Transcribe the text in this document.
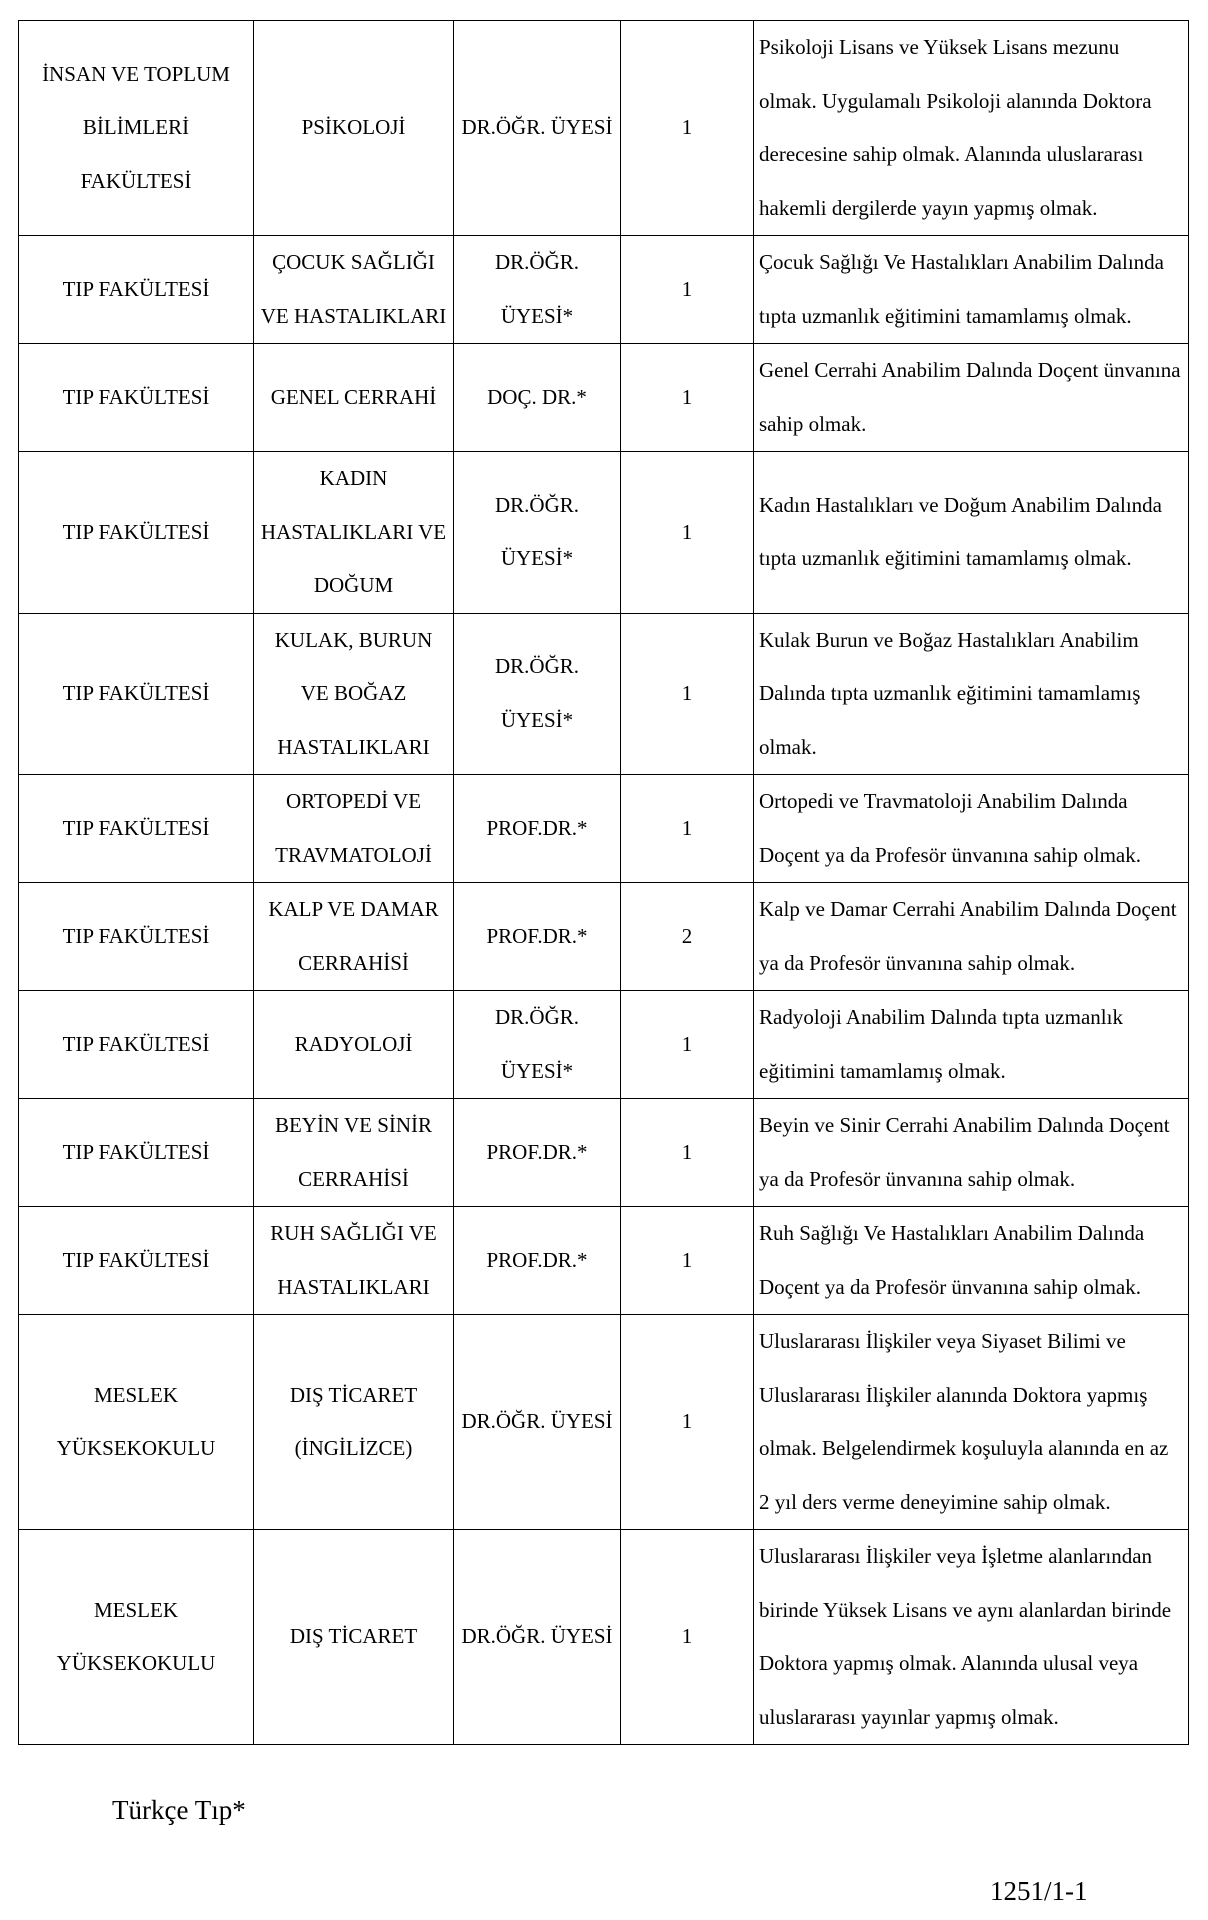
İNSAN VE TOPLUM BİLİMLERİ FAKÜLTESİ	PSİKOLOJİ	DR.ÖĞR. ÜYESİ	1	Psikoloji Lisans ve Yüksek Lisans mezunu olmak. Uygulamalı Psikoloji alanında Doktora derecesine sahip olmak. Alanında uluslararası hakemli dergilerde yayın yapmış olmak.
TIP FAKÜLTESİ	ÇOCUK SAĞLIĞI VE HASTALIKLARI	DR.ÖĞR. ÜYESİ*	1	Çocuk Sağlığı Ve Hastalıkları Anabilim Dalında tıpta uzmanlık eğitimini tamamlamış olmak.
TIP FAKÜLTESİ	GENEL CERRAHİ	DOÇ. DR.*	1	Genel Cerrahi Anabilim Dalında Doçent ünvanına sahip olmak.
TIP FAKÜLTESİ	KADIN HASTALIKLARI VE DOĞUM	DR.ÖĞR. ÜYESİ*	1	Kadın Hastalıkları ve Doğum Anabilim Dalında tıpta uzmanlık eğitimini tamamlamış olmak.
TIP FAKÜLTESİ	KULAK, BURUN VE BOĞAZ HASTALIKLARI	DR.ÖĞR. ÜYESİ*	1	Kulak Burun ve Boğaz Hastalıkları Anabilim Dalında tıpta uzmanlık eğitimini tamamlamış olmak.
TIP FAKÜLTESİ	ORTOPEDİ VE TRAVMATOLOJİ	PROF.DR.*	1	Ortopedi ve Travmatoloji Anabilim Dalında Doçent ya da Profesör ünvanına sahip olmak.
TIP FAKÜLTESİ	KALP VE DAMAR CERRAHİSİ	PROF.DR.*	2	Kalp ve Damar Cerrahi Anabilim Dalında Doçent ya da Profesör ünvanına sahip olmak.
TIP FAKÜLTESİ	RADYOLOJİ	DR.ÖĞR. ÜYESİ*	1	Radyoloji Anabilim Dalında tıpta uzmanlık eğitimini tamamlamış olmak.
TIP FAKÜLTESİ	BEYİN VE SİNİR CERRAHİSİ	PROF.DR.*	1	Beyin ve Sinir Cerrahi Anabilim Dalında Doçent ya da Profesör ünvanına sahip olmak.
TIP FAKÜLTESİ	RUH SAĞLIĞI VE HASTALIKLARI	PROF.DR.*	1	Ruh Sağlığı Ve Hastalıkları Anabilim Dalında Doçent ya da Profesör ünvanına sahip olmak.
MESLEK YÜKSEKOKULU	DIŞ TİCARET (İNGİLİZCE)	DR.ÖĞR. ÜYESİ	1	Uluslararası İlişkiler veya Siyaset Bilimi ve Uluslararası İlişkiler alanında Doktora yapmış olmak. Belgelendirmek koşuluyla alanında en az 2 yıl ders verme deneyimine sahip olmak.
MESLEK YÜKSEKOKULU	DIŞ TİCARET	DR.ÖĞR. ÜYESİ	1	Uluslararası İlişkiler veya İşletme alanlarından birinde Yüksek Lisans ve aynı alanlardan birinde Doktora yapmış olmak. Alanında ulusal veya uluslararası yayınlar yapmış olmak.
Türkçe Tıp*
1251/1-1
